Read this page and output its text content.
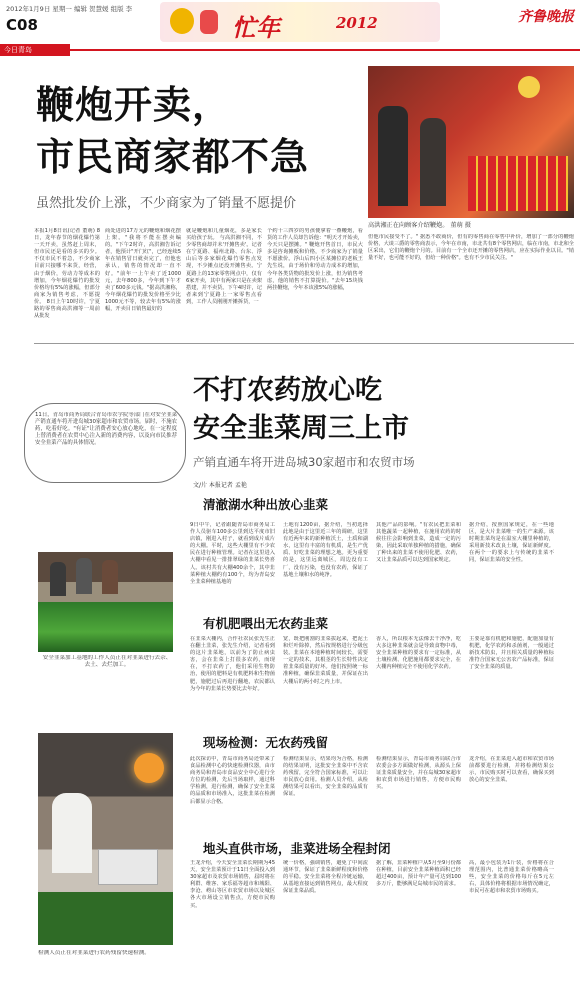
2012年1月9日 星期一 编辑 贺慧媛 组版 李
C08	忙年	2012	齐鲁晚报
今日青岛
鞭炮开卖，
市民商家都不急
虽然批发价上涨，不少商家为了销量不愿提价
高洪湘正在向顾客介绍鞭炮。 董萌 摄
本报1月8日讯(记者 董萌) 8日，龙年春节的烟花爆竹第一天开卖，虽然赶上周末，但市民还是看的多买的少。不仅市民不着急，不少商家目前只接哪不来货，经营，由于烟价，劳动力等成本的增加，今年烟花爆竹的批发价格均有5%的涨幅，但部分商家为销售考虑，不愿提价。 8日上午10时许，宁夏路的零售商高洪湘等一周前从批发
商处进的17万元的鞭炮和烟花摆上架。"我将不能在摆卖编的。"下午2时许，高洪湘告诉记者，他预计"开门红"，已经连续5年在销售冒日就卖完了，但他也承认，销售的情况却一直不好。"前年一上午卖了近1000元，去年800多，今年到下午才卖了600多元钱。"据高洪湘称，今年烟花爆竹的批发价格至少比1000元不等，较去年有5%的涨幅，开卖目日销售最好的
就是鞭炮和儿童烟花，多是家长买给孩子玩。 与高洪湘不同，不少零售商却并未'开摊售卖'。记者在宁夏路、福州北路、台东、浮山后等多家烟花爆竹零售点发现，不少摊点还没开摊售卖。宁夏路上的13家零售网点中，仅有6家开卖，其中有两家只是在卖架搭建，并不卖货。下午4时许，记者来到宁夏路上一家零售点看到，工作人员刚刚开摊拆货，一
个约十三四岁的男孩便拿着一叠鞭炮，看货的工作人员却告诉他："明天才开始卖，今天只是摆摊。" 鞭炮开售首日，市民大多是咨询摊贩和价格，不少商家为了销量不愿涨价。浮山后四小区某摊位的老板王先生说，由于场价和劳动力成本的增加，今年各类货物的批发价上涨，但为销售考虑，他的销售不打算提价。"去年15块钱两挂鞭炮，今年本该涨5%的涨幅，
但他市民接受不了。" 据悉不敢商价，但有的零售商在零售中补价，增加了一部分的鞭炮价格，大谈三爵的零售商表示，今年在市南，市北共有8个零售网店，临在市南，市北和全区采出，它们的鞭炮个月的。目前有一个全市还开摊的零售网店，应在实际作业以目。"销量不好，也可能不好的，但给一种价格"。也有不少市民关注。"
11日，青岛市商务局联合青岛市农学院等部门在对安全韭菜产销直通车将开进岛城30家超市和农贸市场。届时，不施农药，吃着好吃。"有证"让消费者安心放心地吃，在一定程度上替消费者在农贸中心注入新的消费内容，以及向市民推荐安全韭菜产品的具体情况。
不打农药放心吃
安全韭菜周三上市
产销直通车将开进岛城30家超市和农贸市场
文/片 本报记者 孟艳
清澈湖水种出放心韭菜
安全韭菜加工基地的工作人员正在对韭菜进行去杂、去土、去烂加工。
9日中午，记者跟随青岛市商务局工作人员驱车100多公里到达平度市旧店镇，刚进入村子，就看到成片成片的大棚。平时，这些大棚里有不少农民在进行种植管理。记者在这里进入大棚中看见一排排翠绿的韭菜长势喜人。该村共有大棚400余个，其中韭菜种植大棚约有100个，均为青岛安全韭菜种植基地的
土地有1200亩，据介绍，当初选择此地是由于这里近三年的调研，这里有近两年来的新种植沃土，土质和湖水，这里有丰富的有机质，是生产优质、好吃韭菜的理想之地。更为重要的是，这里远离城区，周边没有工厂，没有污染，也没有农药，保证了基地土壤和水的纯净。
其他产品的影响。"有农民把韭菜和其他蔬菜一起种植，在施用农药的时候往往会影响到韭菜，造成一定的污染，因此采取单独种植的措施，确保了种出来的韭菜不使用化肥、农药，又让韭菜品质可以达到国家规定。
据介绍，按照国家规定，在一些地区，是大片韭菜唯一的生产来源。该时期韭菜均是在温室大棚里种植的，采用新技术改良土壤，保证新鲜度。在两个一的要求上与传统的韭菜不同，保证韭菜的安全性。
有机肥喂出无农药韭菜
在韭菜大棚内，合作社农民张先生正在翻土韭菜，张先生介绍，记者看到的这片韭菜地，以前为了防止病虫害，会在韭菜上打很多农药，而现在，不打农药了，他们采用生物防治，使用的肥料是有机肥料和生物菌肥，施肥过后再进行翻地，农民都认为今年的韭菜长势要比去年好。
宽，既把刚割的韭菜拔起来，把泥土和烂叶除掉，然后按规格进行分级包装。韭菜在本地种植时间较长，需要一定的技术，其根茎的生长特性决定着韭菜质量的好坏。他们按照统一标准种植，确保韭菜质量，并保证在出大棚后的两小时之内上市。
香人，所以根本无法像去干净净，吃大多这种韭菜就会是导致食物中毒，安全韭菜种植的要求有一定标准，从土壤检测、化肥施用都要求完全，在大棚内种植完全不使用化学农药。
主要是靠有机肥和施肥，配施加量有机肥，化学农药和杀菌剂，一般通过新技术防虫，并且相关质量的种植标准符合国家无公害农产品标准，保证了安全韭菜的质量。
现场检测：无农药残留
检测人员正在对韭菜进行农药残留快速检测。
此次探访中，青岛市商务局还带来了食品检测中心的快速检测仪器，由市商务局和青岛市食品安全中心进行全方位的检测，先后当场取样，通过科学检测，进行检测，确保了安全韭菜的品质和市场准入，这批韭菜在检测后都显示合格。
检测结果显示，结果均为合格，检测的结果证明，这批安全韭菜中不含农药残留，完全符合国家标准，可以让市民放心食用。检测人员介绍，从检测结果可以看出，安全韭菜的品质有保证。
检测结果显示，青岛市商务局联合市农委会多方面做好检测，从源头上保证韭菜质量安全，并在岛城30家超市和农贸市场进行销售，方便市民购买。
龙介绍，在韭菜进入超市和农贸市场前都要进行检测，并将检测结果公示，市民购买时可以查看，确保买到放心的安全韭菜。
地头直供市场，韭菜进场全程封闭
王龙介绍，今天安全韭菜长期期为45天，安全韭菜预计于11日全面投入到30家超市及农贸市场销售，届时将在利群、维客、家乐福等超市和城阳、李沧、崂山等区市农贸市场以及城区各大市场设立销售点，方便市民购买。
统一价格，强调销售，避免了中间流通环节，保证了韭菜新鲜程度和价格的平稳。安全韭菜将全程冷链运输，从基地直接运到销售网点，最大程度保证韭菜品质。
据了解，韭菜种植户从5月至9月份都在种植，目前安全韭菜种植面积已经超过400亩，预计年产量可达到100多万斤，能够满足岛城市民的需求。
高，最小包装为1斤装，价格将在合理范围内，比普通韭菜价格略高一些，安全韭菜的价格每斤在5元左右，具体价格将根据市场情况确定，市民可在超市和农贸市场购买。
